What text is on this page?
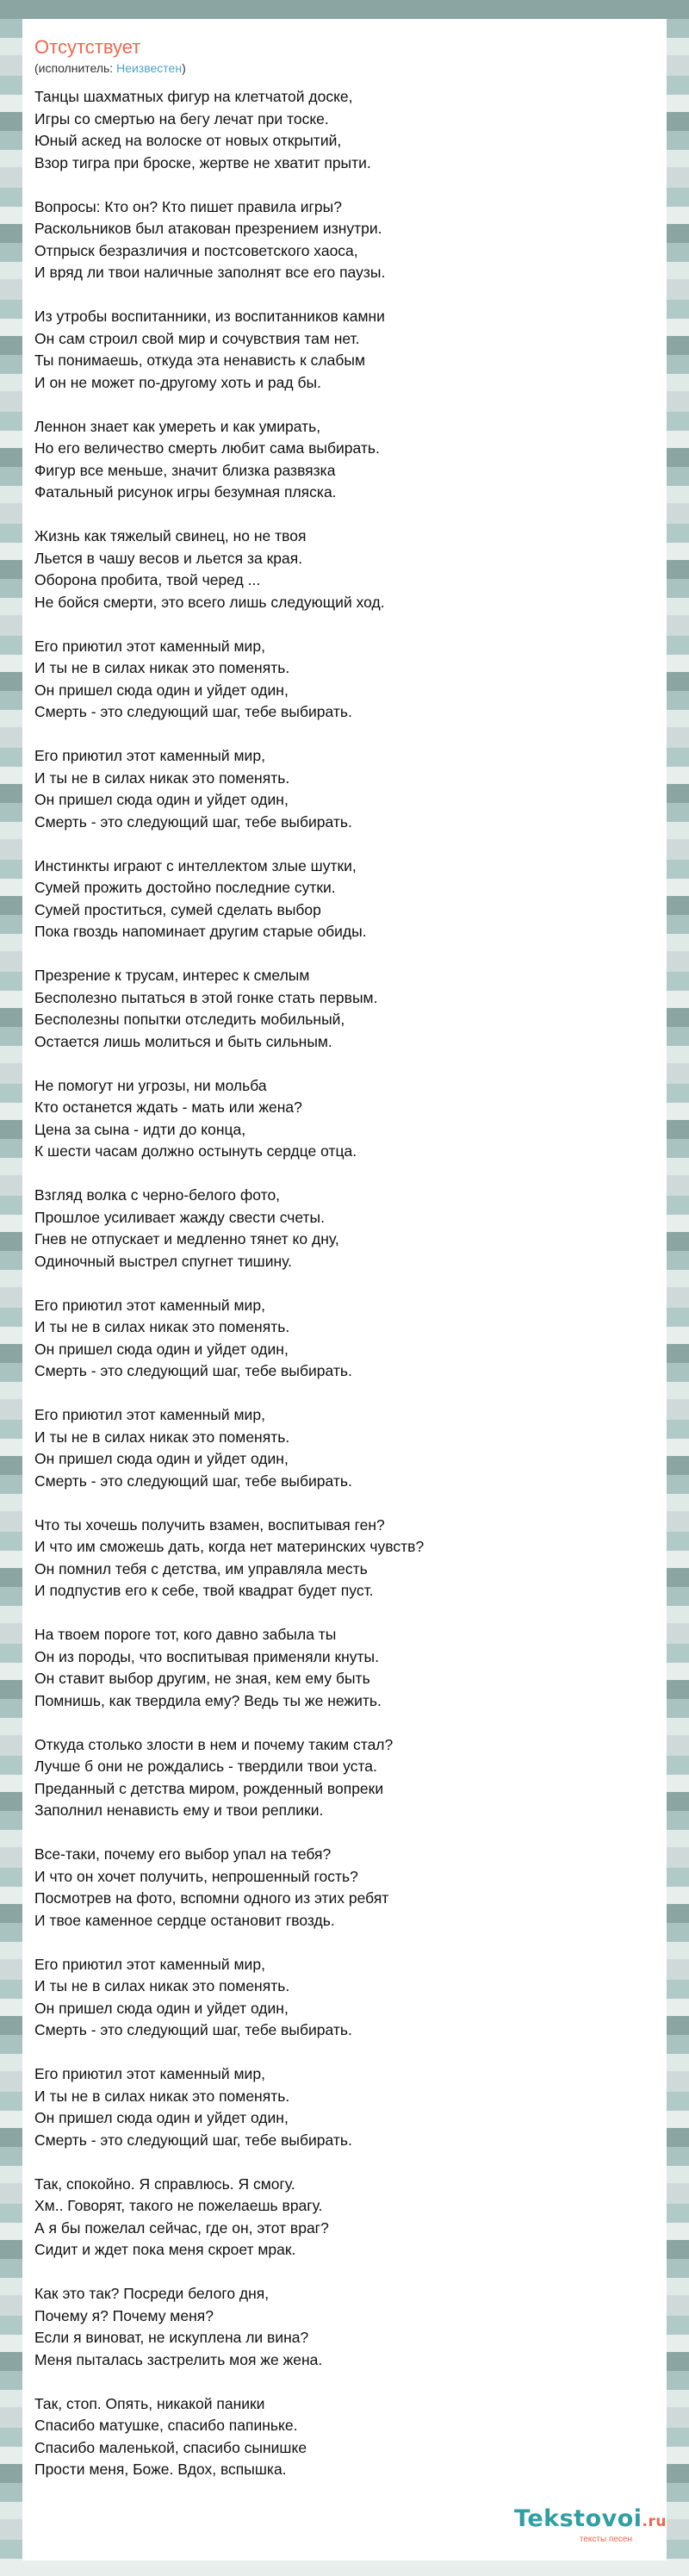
Отсутствует
(исполнитель: Неизвестен)
Танцы шахматных фигур на клетчатой доске,
Игры со смертью на бегу лечат при тоске.
Юный аскед на волоске от новых открытий,
Взор тигра при броске, жертве не хватит прыти.
Вопросы: Кто он? Кто пишет правила игры?
Раскольников был атакован презрением изнутри.
Отпрыск безразличия и постсоветского хаоса,
И вряд ли твои наличные заполнят все его паузы.
Из утробы воспитанники, из воспитанников камни
Он сам строил свой мир и сочувствия там нет.
Ты понимаешь, откуда эта ненависть к слабым
И он не может по-другому хоть и рад бы.
Леннон знает как умереть и как умирать,
Но его величество смерть любит сама выбирать.
Фигур все меньше, значит близка развязка
Фатальный рисунок игры безумная пляска.
Жизнь как тяжелый свинец, но не твоя
Льется в чашу весов и льется за края.
Оборона пробита, твой черед ...
Не бойся смерти, это всего лишь следующий ход.
Его приютил этот каменный мир,
И ты не в силах никак это поменять.
Он пришел сюда один и уйдет один,
Смерть - это следующий шаг, тебе выбирать.
Его приютил этот каменный мир,
И ты не в силах никак это поменять.
Он пришел сюда один и уйдет один,
Смерть - это следующий шаг, тебе выбирать.
Инстинкты играют с интеллектом злые шутки,
Сумей прожить достойно последние сутки.
Сумей проститься, сумей сделать выбор
Пока гвоздь напоминает другим старые обиды.
Презрение к трусам, интерес к смелым
Бесполезно пытаться в этой гонке стать первым.
Бесполезны попытки отследить мобильный,
Остается лишь молиться и быть сильным.
Не помогут ни угрозы, ни мольба
Кто останется ждать - мать или жена?
Цена за сына - идти до конца,
К шести часам должно остынуть сердце отца.
Взгляд волка с черно-белого фото,
Прошлое усиливает жажду свести счеты.
Гнев не отпускает и медленно тянет ко дну,
Одиночный выстрел спугнет тишину.
Его приютил этот каменный мир,
И ты не в силах никак это поменять.
Он пришел сюда один и уйдет один,
Смерть - это следующий шаг, тебе выбирать.
Его приютил этот каменный мир,
И ты не в силах никак это поменять.
Он пришел сюда один и уйдет один,
Смерть - это следующий шаг, тебе выбирать.
Что ты хочешь получить взамен, воспитывая ген?
И что им сможешь дать, когда нет материнских чувств?
Он помнил тебя с детства, им управляла месть
И подпустив его к себе, твой квадрат будет пуст.
На твоем пороге тот, кого давно забыла ты
Он из породы, что воспитывая применяли кнуты.
Он ставит выбор другим, не зная, кем ему быть
Помнишь, как твердила ему? Ведь ты же нежить.
Откуда столько злости в нем и почему таким стал?
Лучше б они не рождались - твердили твои уста.
Преданный с детства миром, рожденный вопреки
Заполнил ненависть ему и твои реплики.
Все-таки, почему его выбор упал на тебя?
И что он хочет получить, непрошенный гость?
Посмотрев на фото, вспомни одного из этих ребят
И твое каменное сердце остановит гвоздь.
Его приютил этот каменный мир,
И ты не в силах никак это поменять.
Он пришел сюда один и уйдет один,
Смерть - это следующий шаг, тебе выбирать.
Его приютил этот каменный мир,
И ты не в силах никак это поменять.
Он пришел сюда один и уйдет один,
Смерть - это следующий шаг, тебе выбирать.
Так, спокойно. Я справлюсь. Я смогу.
Хм.. Говорят, такого не пожелаешь врагу.
А я бы пожелал сейчас, где он, этот враг?
Сидит и ждет пока меня скроет мрак.
Как это так? Посреди белого дня,
Почему я? Почему меня?
Если я виноват, не искуплена ли вина?
Меня пыталась застрелить моя же жена.
Так, стоп. Опять, никакой паники
Спасибо матушке, спасибо папиньке.
Спасибо маленькой, спасибо сынишке
Прости меня, Боже. Вдох, вспышка.
Tekstovoi.ru
тексты песен
